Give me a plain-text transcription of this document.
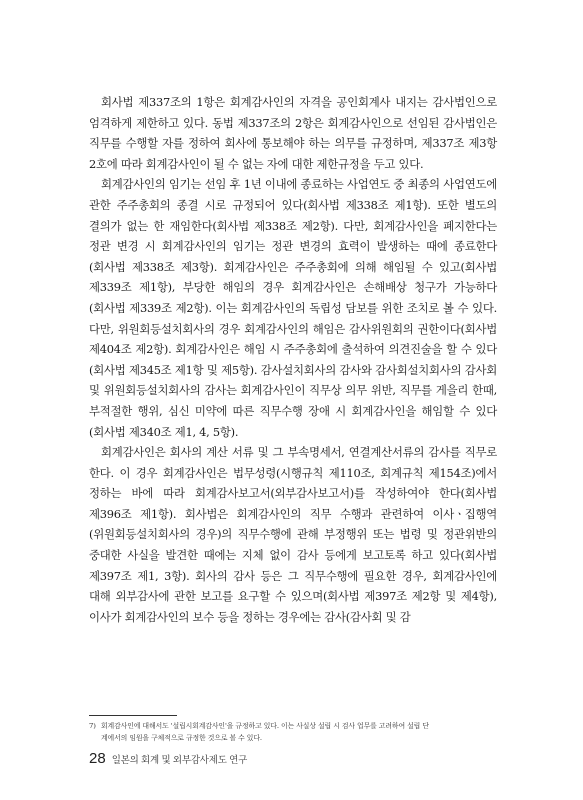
회사법 제337조의 1항은 회계감사인의 자격을 공인회계사 내지는 감사법인으로 엄격하게 제한하고 있다. 동법 제337조의 2항은 회계감사인으로 선임된 감사법인은 직무를 수행할 자를 정하여 회사에 통보해야 하는 의무를 규정하며, 제337조 제3항 2호에 따라 회계감사인이 될 수 없는 자에 대한 제한규정을 두고 있다.

회계감사인의 임기는 선임 후 1년 이내에 종료하는 사업연도 중 최종의 사업연도에 관한 주주총회의 종결 시로 규정되어 있다(회사법 제338조 제1항). 또한 별도의 결의가 없는 한 재임한다(회사법 제338조 제2항). 다만, 회계감사인을 폐지한다는 정관 변경 시 회계감사인의 임기는 정관 변경의 효력이 발생하는 때에 종료한다(회사법 제338조 제3항). 회계감사인은 주주총회에 의해 해임될 수 있고(회사법 제339조 제1항), 부당한 해임의 경우 회계감사인은 손해배상 청구가 가능하다(회사법 제339조 제2항). 이는 회계감사인의 독립성 담보를 위한 조치로 볼 수 있다. 다만, 위원회등설치회사의 경우 회계감사인의 해임은 감사위원회의 권한이다(회사법 제404조 제2항). 회계감사인은 해임 시 주주총회에 출석하여 의견진술을 할 수 있다(회사법 제345조 제1항 및 제5항). 감사설치회사의 감사와 감사회설치회사의 감사회 및 위원회등설치회사의 감사는 회계감사인이 직무상 의무 위반, 직무를 게을리 한때, 부적절한 행위, 심신 미약에 따른 직무수행 장애 시 회계감사인을 해임할 수 있다(회사법 제340조 제1, 4, 5항).

회계감사인은 회사의 계산 서류 및 그 부속명세서, 연결계산서류의 감사를 직무로 한다. 이 경우 회계감사인은 법무성령(시행규칙 제110조, 회계규칙 제154조)에서 정하는 바에 따라 회계감사보고서(외부감사보고서)를 작성하여야 한다(회사법 제396조 제1항). 회사법은 회계감사인의 직무 수행과 관련하여 이사ㆍ집행역(위원회등설치회사의 경우)의 직무수행에 관해 부정행위 또는 법령 및 정관위반의 중대한 사실을 발견한 때에는 지체 없이 감사 등에게 보고토록 하고 있다(회사법 제397조 제1, 3항). 회사의 감사 등은 그 직무수행에 필요한 경우, 회계감사인에 대해 외부감사에 관한 보고를 요구할 수 있으며(회사법 제397조 제2항 및 제4항), 이사가 회계감사인의 보수 등을 정하는 경우에는 감사(감사회 및 감

7) 회계감사인에 대해서도 '설립시회계감사인'을 규정하고 있다. 이는 사실상 설립 시 검사 업무를 고려하여 설립 단
계에서의 임원을 구체적으로 규정한 것으로 볼 수 있다.
28 일본의 회계 및 외부감사제도 연구
